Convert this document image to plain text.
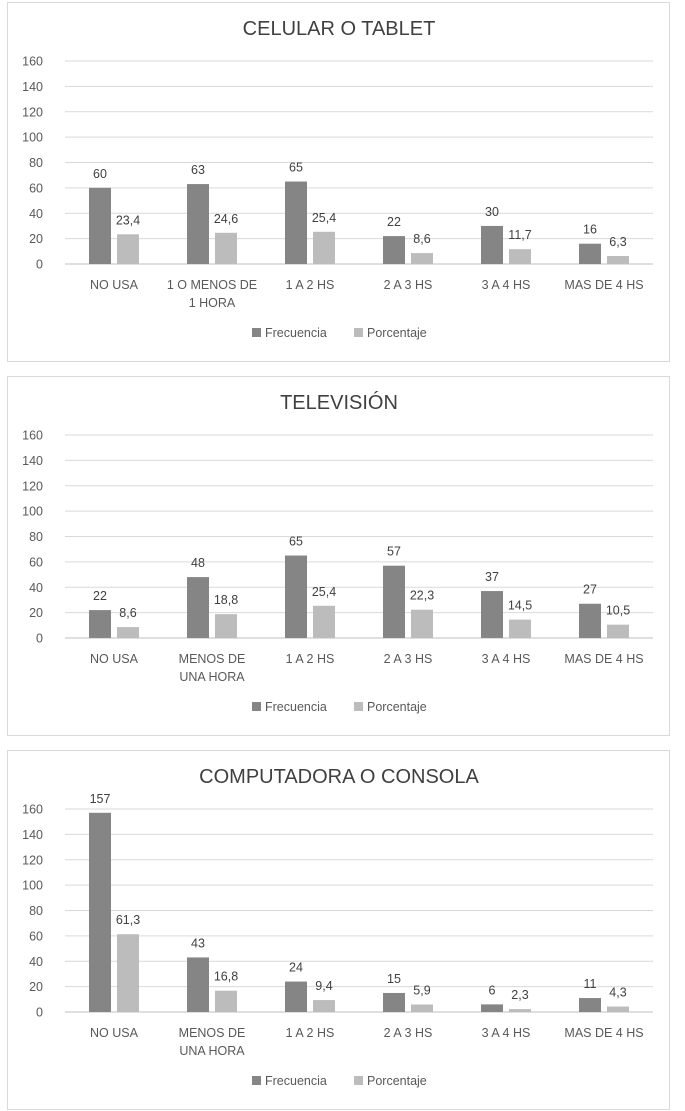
CELULAR O TABLET
0
20
40
60
80
100
120
140
160
60	63	65
22
30
16
23,4	24,6	25,4
8,6	11,7	6,3
NO USA 1 O MENOS DE
1 HORA
1 A 2 HS	2 A 3 HS	3 A 4 HS	MAS DE 4 HS
Frecuencia	Porcentaje
TELEVISIÓN
0
20
40
60
80
100
120
140
160
22
48
65
57
37
27
8,6
18,8
25,4	22,3
14,5	10,5
NO USA	MENOS DE
UNA HORA
1 A 2 HS	2 A 3 HS	3 A 4 HS	MAS DE 4 HS
Frecuencia	Porcentaje
COMPUTADORA O CONSOLA
0
20
40
60
80
100
120
140
160
157
43
24
15
6	11
61,3
16,8
9,4	5,9	2,3	4,3
NO USA	MENOS DE
UNA HORA
1 A 2 HS	2 A 3 HS	3 A 4 HS	MAS DE 4 HS
Frecuencia	Porcentaje
